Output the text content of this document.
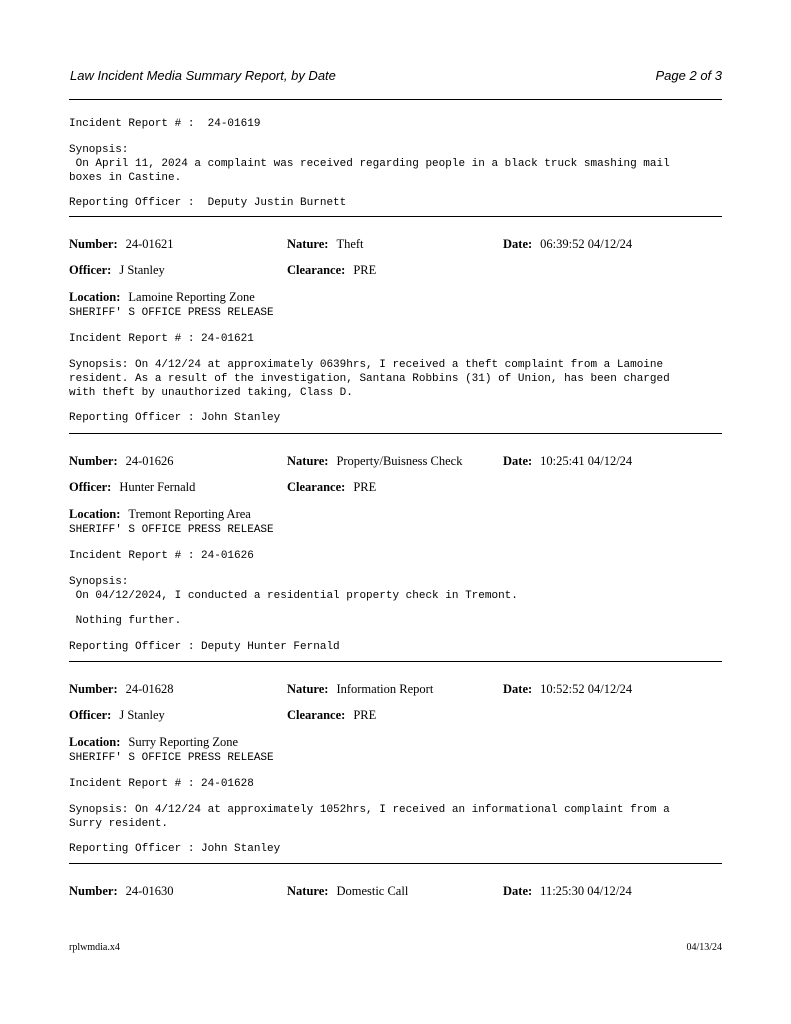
Law Incident Media Summary Report, by Date	Page 2 of 3
Incident Report # :  24-01619
Synopsis:
On April 11, 2024 a complaint was received regarding people in a black truck smashing mail
boxes in Castine.
Reporting Officer :  Deputy Justin Burnett
Number: 24-01621	Nature: Theft	Date: 06:39:52 04/12/24
Officer: J Stanley	Clearance: PRE
Location: Lamoine Reporting Zone
SHERIFF' S OFFICE PRESS RELEASE
Incident Report # : 24-01621
Synopsis: On 4/12/24 at approximately 0639hrs, I received a theft complaint from a Lamoine
resident. As a result of the investigation, Santana Robbins (31) of Union, has been charged
with theft by unauthorized taking, Class D.
Reporting Officer : John Stanley
Number: 24-01626	Nature: Property/Buisness Check	Date: 10:25:41 04/12/24
Officer: Hunter Fernald	Clearance: PRE
Location: Tremont Reporting Area
SHERIFF' S OFFICE PRESS RELEASE
Incident Report # : 24-01626
Synopsis:
On 04/12/2024, I conducted a residential property check in Tremont.
Nothing further.
Reporting Officer : Deputy Hunter Fernald
Number: 24-01628	Nature: Information Report	Date: 10:52:52 04/12/24
Officer: J Stanley	Clearance: PRE
Location: Surry Reporting Zone
SHERIFF' S OFFICE PRESS RELEASE
Incident Report # : 24-01628
Synopsis: On 4/12/24 at approximately 1052hrs, I received an informational complaint from a
Surry resident.
Reporting Officer : John Stanley
Number: 24-01630	Nature: Domestic Call	Date: 11:25:30 04/12/24
rplwmdia.x4	04/13/24
